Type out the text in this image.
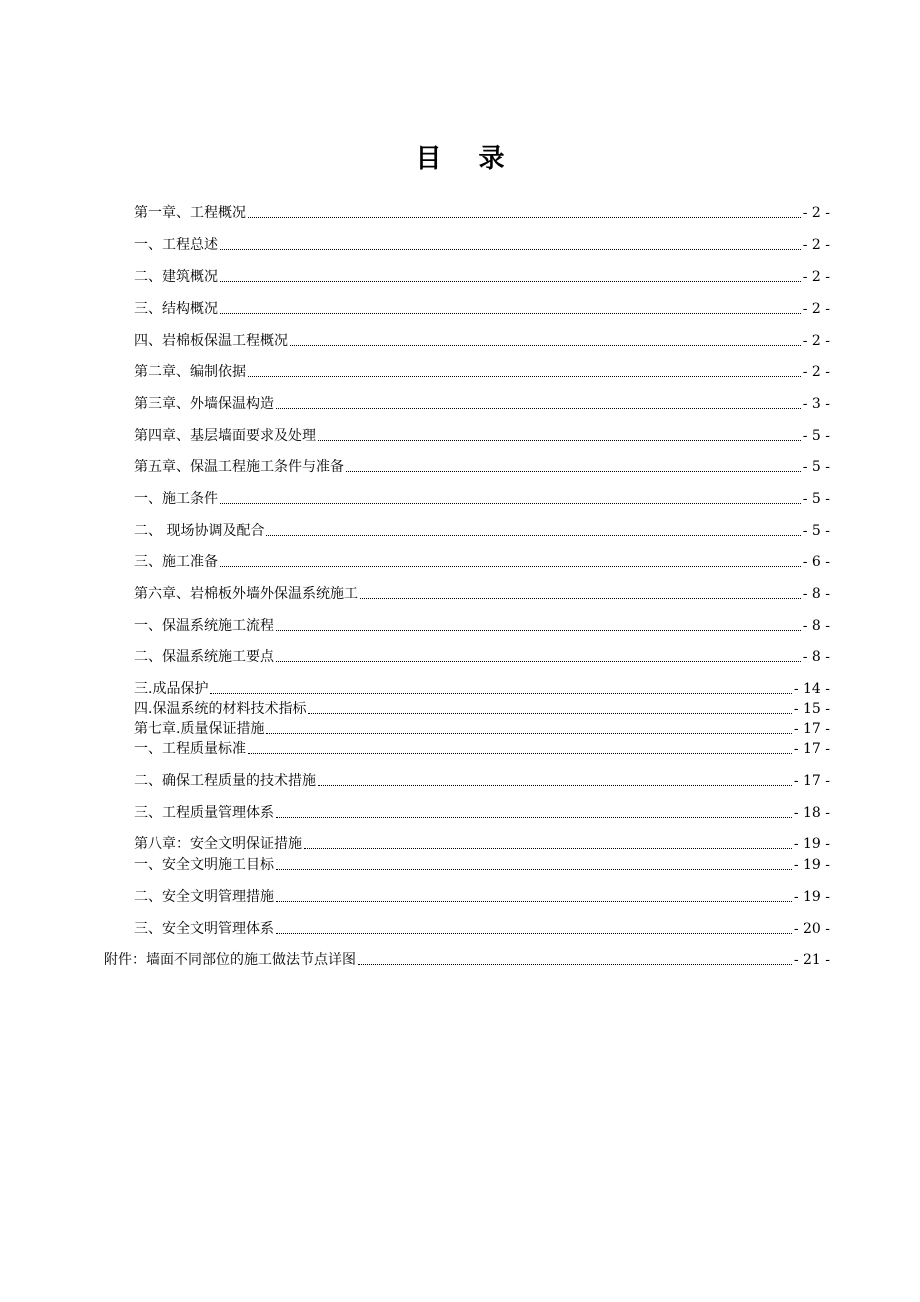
目 录
第一章、工程概况	- 2 -
一、工程总述	- 2 -
二、建筑概况	- 2 -
三、结构概况	- 2 -
四、岩棉板保温工程概况	- 2 -
第二章、编制依据	- 2 -
第三章、外墙保温构造	- 3 -
第四章、基层墙面要求及处理	- 5 -
第五章、保温工程施工条件与准备	- 5 -
一、施工条件	- 5 -
二、 现场协调及配合	- 5 -
三、施工准备	- 6 -
第六章、岩棉板外墙外保温系统施工	- 8 -
一、保温系统施工流程	- 8 -
二、保温系统施工要点	- 8 -
三.成品保护	- 14 -
四.保温系统的材料技术指标	- 15 -
第七章.质量保证措施	- 17 -
一、工程质量标准	- 17 -
二、确保工程质量的技术措施	- 17 -
三、工程质量管理体系	- 18 -
第八章：安全文明保证措施	- 19 -
一、安全文明施工目标	- 19 -
二、安全文明管理措施	- 19 -
三、安全文明管理体系	- 20 -
附件：墙面不同部位的施工做法节点详图	- 21 -
